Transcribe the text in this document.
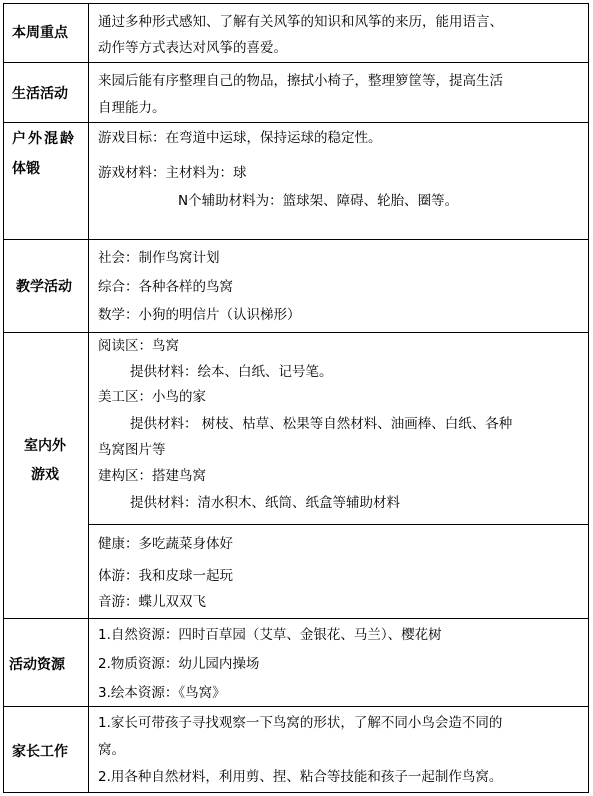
本周重点
通过多种形式感知、了解有关风筝的知识和风筝的来历，能用语言、
动作等方式表达对风筝的喜爱。
生活活动
来园后能有序整理自己的物品，擦拭小椅子，整理箩筐等，提高生活
自理能力。
户外混龄
体锻
游戏目标：在弯道中运球，保持运球的稳定性。
游戏材料：主材料为：球
N个辅助材料为：篮球架、障碍、轮胎、圈等。
教学活动
社会：制作鸟窝计划
综合：各种各样的鸟窝
数学：小狗的明信片（认识梯形）
室内外
游戏
阅读区：鸟窝
提供材料：绘本、白纸、记号笔。
美工区：小鸟的家
提供材料： 树枝、枯草、松果等自然材料、油画棒、白纸、各种
鸟窝图片等
建构区：搭建鸟窝
提供材料：清水积木、纸筒、纸盒等辅助材料
健康：多吃蔬菜身体好
体游：我和皮球一起玩
音游：蝶儿双双飞
活动资源
1.自然资源：四时百草园（艾草、金银花、马兰）、樱花树
2.物质资源：幼儿园内操场
3.绘本资源：《鸟窝》
家长工作
1.家长可带孩子寻找观察一下鸟窝的形状，了解不同小鸟会造不同的
窝。
2.用各种自然材料，利用剪、捏、粘合等技能和孩子一起制作鸟窝。
